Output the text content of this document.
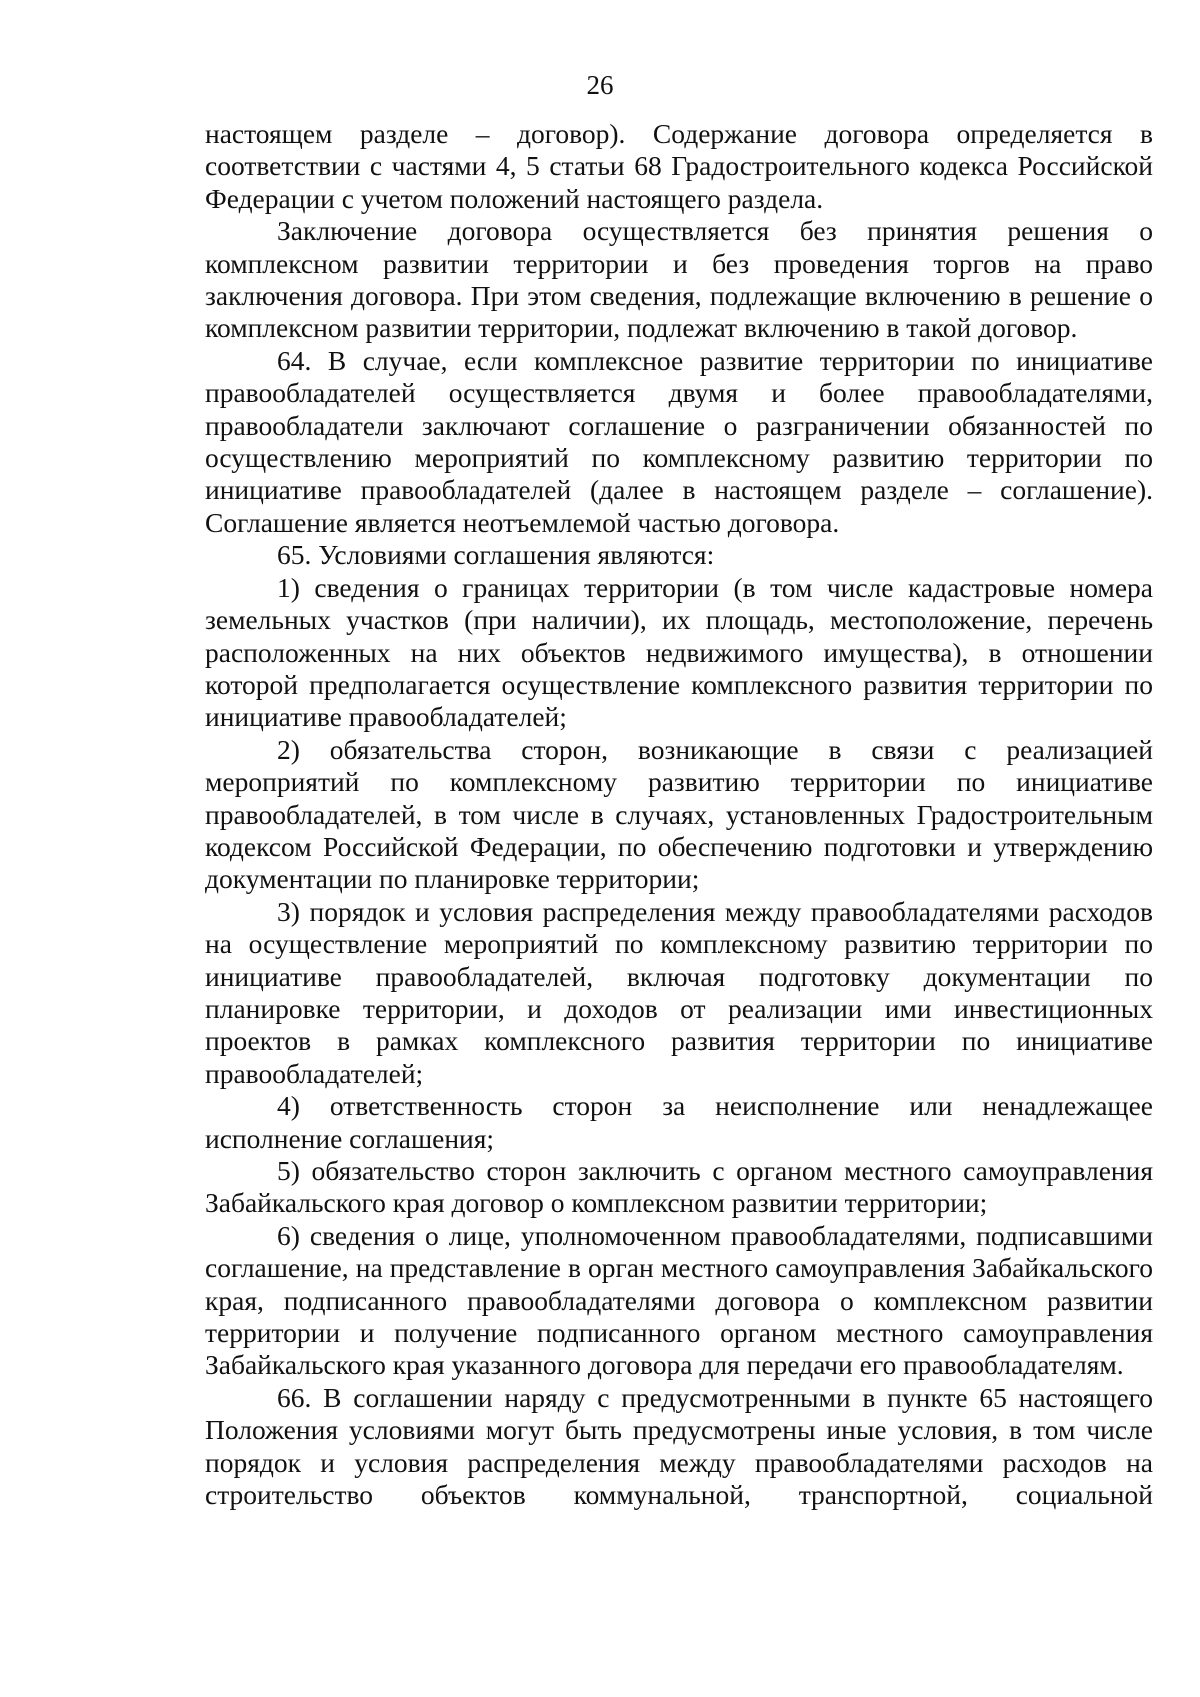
26

настоящем разделе – договор). Содержание договора определяется в соответствии с частями 4, 5 статьи 68 Градостроительного кодекса Российской Федерации с учетом положений настоящего раздела.

Заключение договора осуществляется без принятия решения о комплексном развитии территории и без проведения торгов на право заключения договора. При этом сведения, подлежащие включению в решение о комплексном развитии территории, подлежат включению в такой договор.

64. В случае, если комплексное развитие территории по инициативе правообладателей осуществляется двумя и более правообладателями, правообладатели заключают соглашение о разграничении обязанностей по осуществлению мероприятий по комплексному развитию территории по инициативе правообладателей (далее в настоящем разделе – соглашение). Соглашение является неотъемлемой частью договора.

65. Условиями соглашения являются:

1) сведения о границах территории (в том числе кадастровые номера земельных участков (при наличии), их площадь, местоположение, перечень расположенных на них объектов недвижимого имущества), в отношении которой предполагается осуществление комплексного развития территории по инициативе правообладателей;

2) обязательства сторон, возникающие в связи с реализацией мероприятий по комплексному развитию территории по инициативе правообладателей, в том числе в случаях, установленных Градостроительным кодексом Российской Федерации, по обеспечению подготовки и утверждению документации по планировке территории;

3) порядок и условия распределения между правообладателями расходов на осуществление мероприятий по комплексному развитию территории по инициативе правообладателей, включая подготовку документации по планировке территории, и доходов от реализации ими инвестиционных проектов в рамках комплексного развития территории по инициативе правообладателей;

4) ответственность сторон за неисполнение или ненадлежащее исполнение соглашения;

5) обязательство сторон заключить с органом местного самоуправления Забайкальского края договор о комплексном развитии территории;

6) сведения о лице, уполномоченном правообладателями, подписавшими соглашение, на представление в орган местного самоуправления Забайкальского края, подписанного правообладателями договора о комплексном развитии территории и получение подписанного органом местного самоуправления Забайкальского края указанного договора для передачи его правообладателям.

66. В соглашении наряду с предусмотренными в пункте 65 настоящего Положения условиями могут быть предусмотрены иные условия, в том числе порядок и условия распределения между правообладателями расходов на строительство объектов коммунальной, транспортной, социальной
